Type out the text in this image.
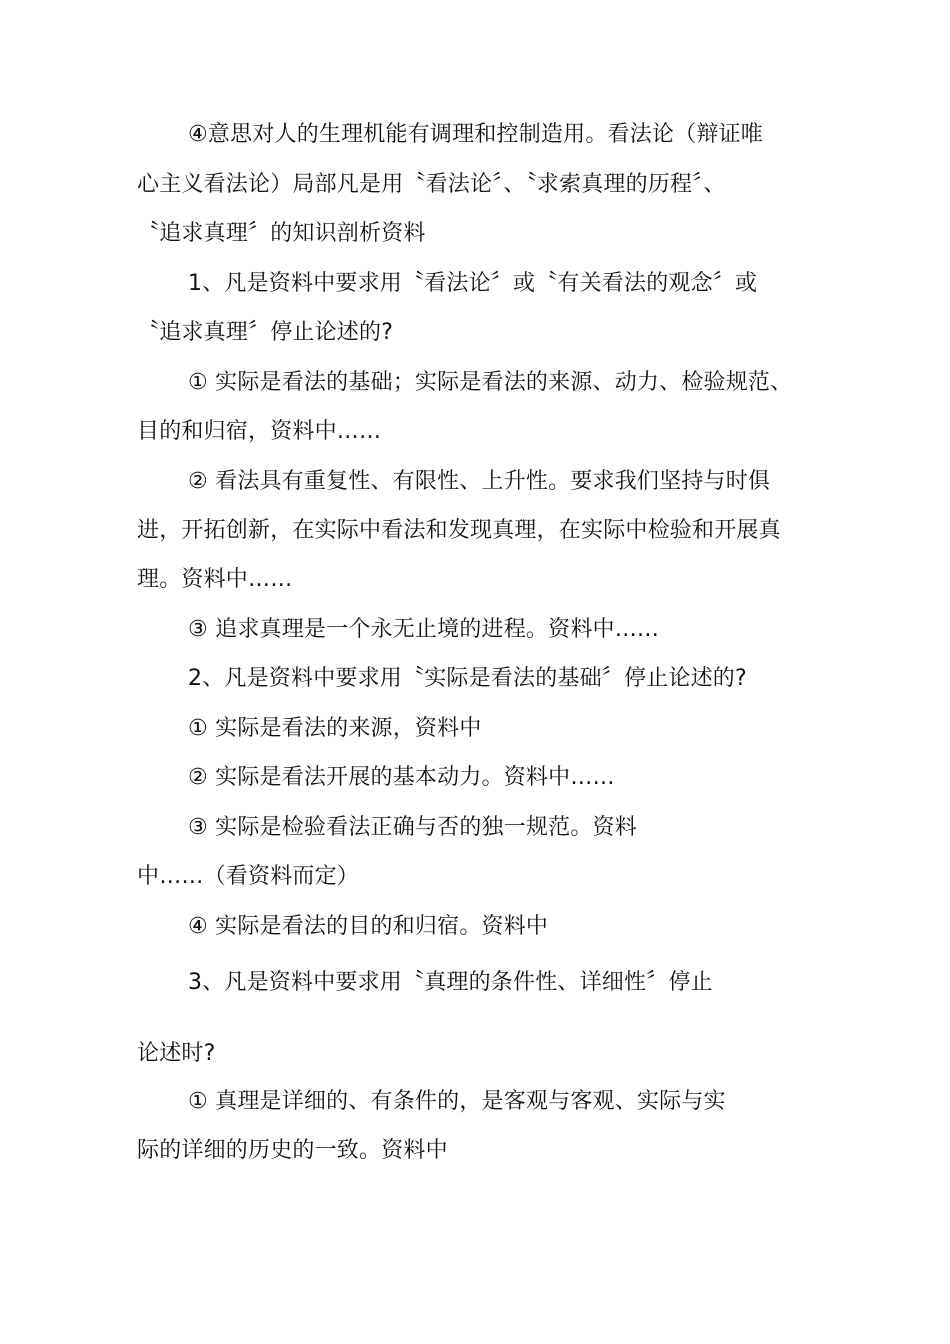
④意思对人的生理机能有调理和控制造用。看法论（辩证唯
心主义看法论）局部凡是用〝看法论〞、〝求索真理的历程〞、
〝追求真理〞的知识剖析资料
1、凡是资料中要求用〝看法论〞或〝有关看法的观念〞或
〝追求真理〞停止论述的?
① 实际是看法的基础；实际是看法的来源、动力、检验规范、
目的和归宿，资料中……
② 看法具有重复性、有限性、上升性。要求我们坚持与时俱
进，开拓创新，在实际中看法和发现真理，在实际中检验和开展真
理。资料中……
③ 追求真理是一个永无止境的进程。资料中……
2、凡是资料中要求用〝实际是看法的基础〞停止论述的?
① 实际是看法的来源，资料中
② 实际是看法开展的基本动力。资料中……
③ 实际是检验看法正确与否的独一规范。资料
中……（看资料而定）
④ 实际是看法的目的和归宿。资料中
3、凡是资料中要求用〝真理的条件性、详细性〞停止
论述时?
① 真理是详细的、有条件的，是客观与客观、实际与实
际的详细的历史的一致。资料中
